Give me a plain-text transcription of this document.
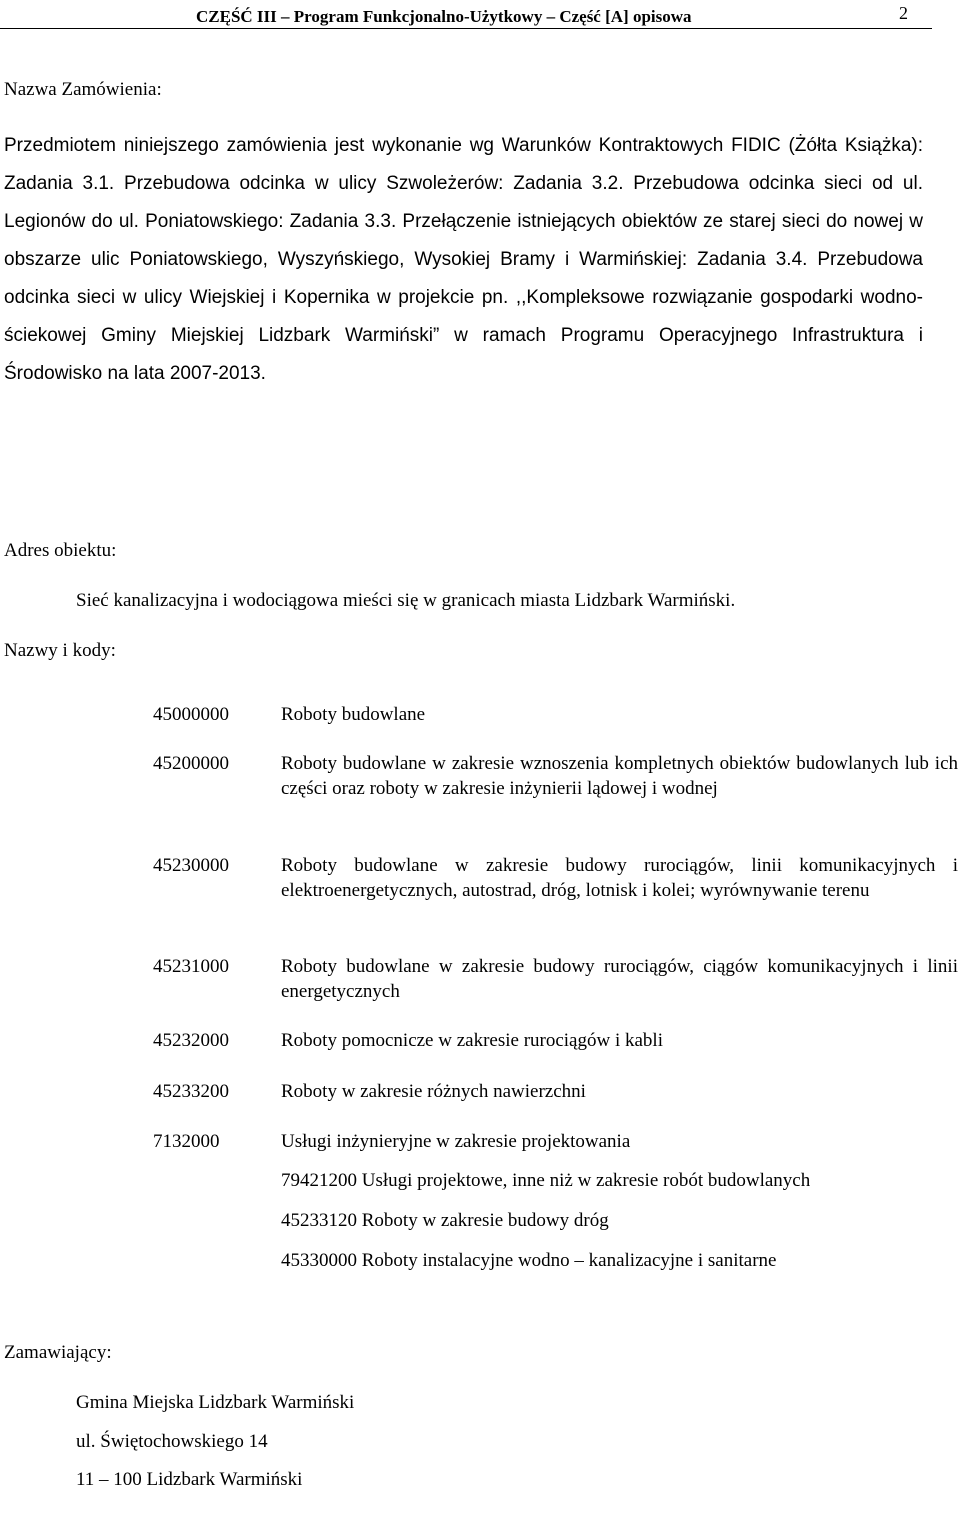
CZĘŚĆ III – Program Funkcjonalno-Użytkowy – Część [A] opisowa	2
Nazwa Zamówienia:
Przedmiotem niniejszego zamówienia jest wykonanie wg Warunków Kontraktowych FIDIC (Żółta Książka): Zadania 3.1. Przebudowa odcinka w ulicy Szwoleżerów: Zadania 3.2. Przebudowa odcinka sieci od ul. Legionów do ul. Poniatowskiego: Zadania 3.3. Przełączenie istniejących obiektów ze starej sieci do nowej w obszarze ulic Poniatowskiego, Wyszyńskiego, Wysokiej Bramy i Warmińskiej: Zadania 3.4. Przebudowa odcinka sieci w ulicy Wiejskiej i Kopernika w projekcie pn. ,,Kompleksowe rozwiązanie gospodarki wodno-ściekowej Gminy Miejskiej Lidzbark Warmiński” w ramach Programu Operacyjnego Infrastruktura i Środowisko na lata 2007-2013.
Adres obiektu:
Sieć kanalizacyjna i wodociągowa mieści się w granicach miasta Lidzbark Warmiński.
Nazwy i kody:
45000000	Roboty budowlane
45200000	Roboty budowlane w zakresie wznoszenia kompletnych obiektów budowlanych lub ich części oraz roboty w zakresie inżynierii lądowej i wodnej
45230000	Roboty budowlane w zakresie budowy rurociągów, linii komunikacyjnych i elektroenergetycznych, autostrad, dróg, lotnisk i kolei; wyrównywanie terenu
45231000	Roboty budowlane w zakresie budowy rurociągów, ciągów komunikacyjnych i linii energetycznych
45232000	Roboty pomocnicze w zakresie rurociągów i kabli
45233200	Roboty w zakresie różnych nawierzchni
7132000	Usługi inżynieryjne w zakresie projektowania
79421200 Usługi projektowe, inne niż w zakresie robót budowlanych
45233120 Roboty w zakresie budowy dróg
45330000 Roboty instalacyjne wodno – kanalizacyjne i sanitarne
Zamawiający:
Gmina Miejska Lidzbark Warmiński
ul. Świętochowskiego 14
11 – 100 Lidzbark Warmiński
